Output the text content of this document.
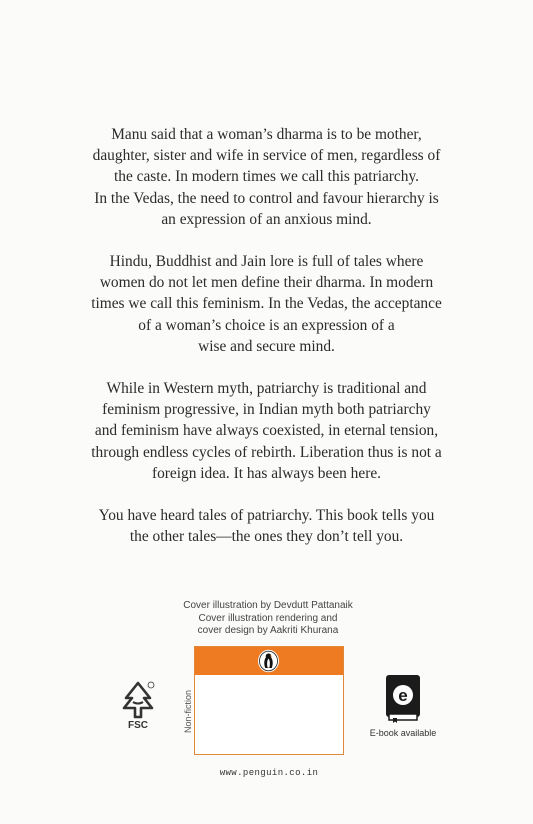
Manu said that a woman’s dharma is to be mother,
daughter, sister and wife in service of men, regardless of
the caste. In modern times we call this patriarchy.
In the Vedas, the need to control and favour hierarchy is
an expression of an anxious mind.

Hindu, Buddhist and Jain lore is full of tales where
women do not let men define their dharma. In modern
times we call this feminism. In the Vedas, the acceptance
of a woman’s choice is an expression of a
wise and secure mind.

While in Western myth, patriarchy is traditional and
feminism progressive, in Indian myth both patriarchy
and feminism have always coexisted, in eternal tension,
through endless cycles of rebirth. Liberation thus is not a
foreign idea. It has always been here.

You have heard tales of patriarchy. This book tells you
the other tales—the ones they don’t tell you.

Cover illustration by Devdutt Pattanaik
Cover illustration rendering and
cover design by Aakriti Khurana
FSC	Non-fiction
www.penguin.co.in
e
E-book available
